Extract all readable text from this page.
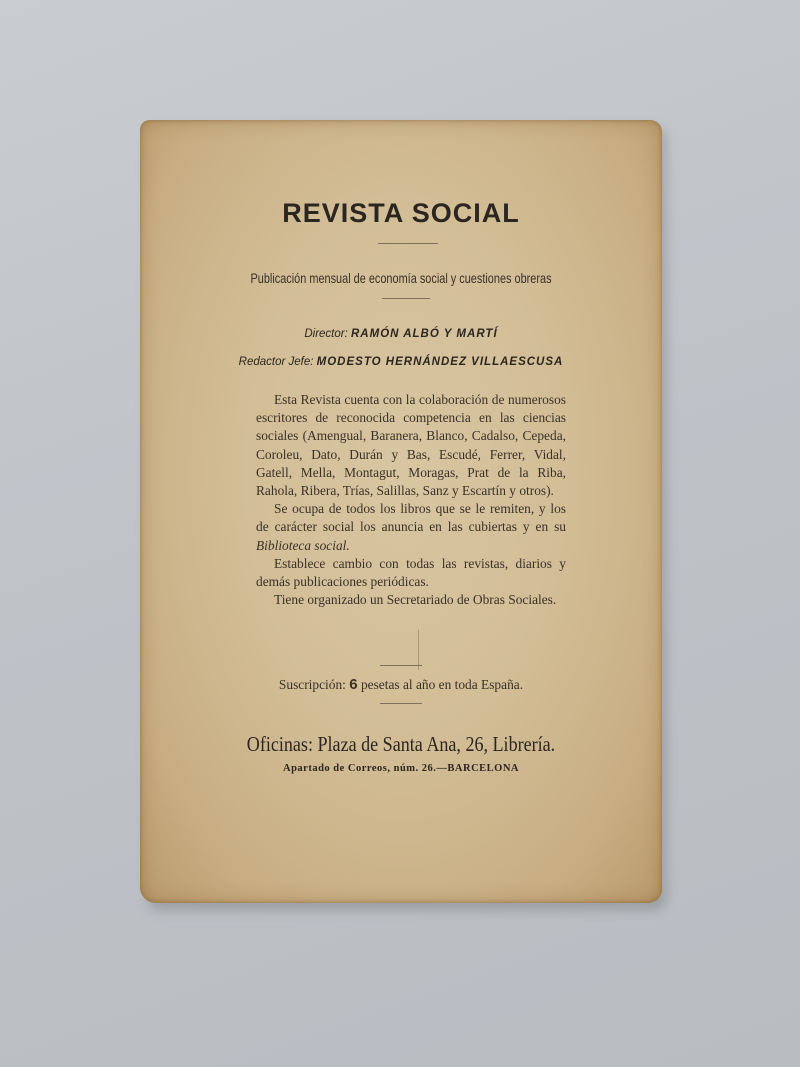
REVISTA SOCIAL
Publicación mensual de economía social y cuestiones obreras
Director: RAMÓN ALBÓ Y MARTÍ
Redactor Jefe: MODESTO HERNÁNDEZ VILLAESCUSA

Esta Revista cuenta con la colaboración de numerosos escritores de reconocida competencia en las ciencias sociales (Amengual, Baranera, Blanco, Cadalso, Cepeda, Coroleu, Dato, Durán y Bas, Escudé, Ferrer, Vidal, Gatell, Mella, Montagut, Moragas, Prat de la Riba, Rahola, Ribera, Trías, Salillas, Sanz y Escartín y otros).

Se ocupa de todos los libros que se le remiten, y los de carácter social los anuncia en las cubiertas y en su Biblioteca social.

Establece cambio con todas las revistas, diarios y demás publicaciones periódicas.

Tiene organizado un Secretariado de Obras Sociales.

Suscripción: 6 pesetas al año en toda España.
Oficinas: Plaza de Santa Ana, 26, Librería.
Apartado de Correos, núm. 26.—BARCELONA
